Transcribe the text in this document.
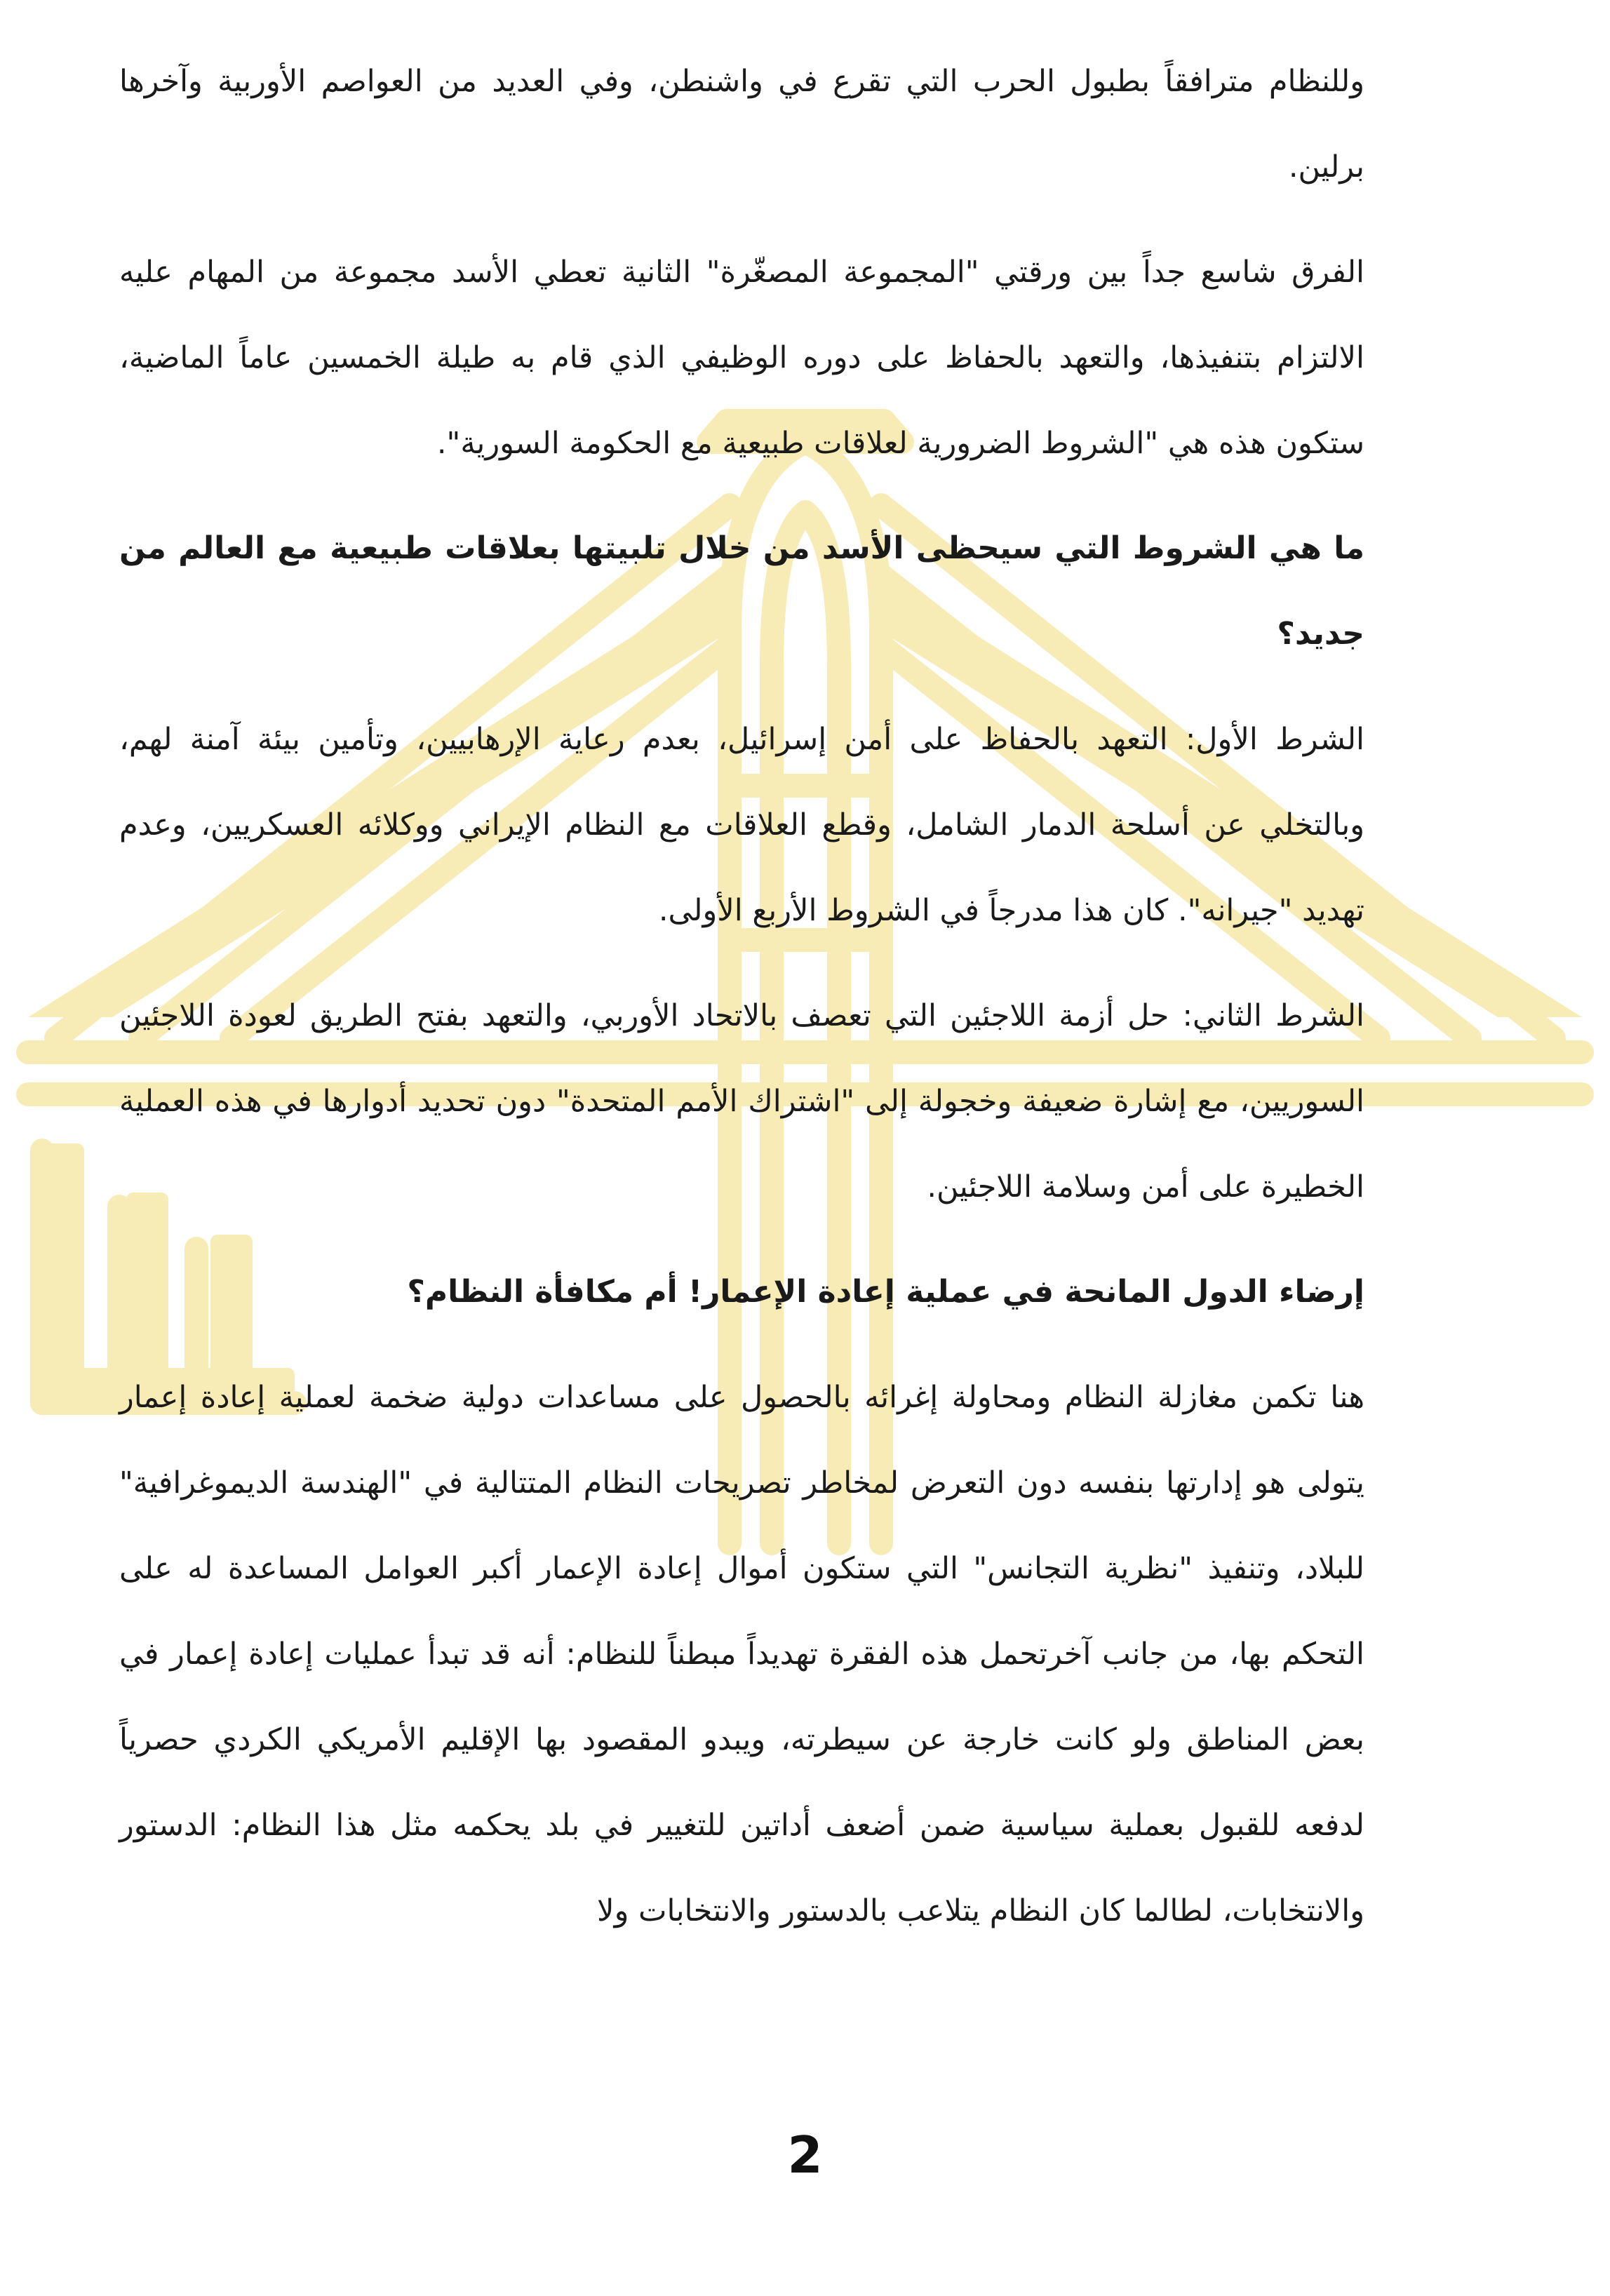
وللنظام مترافقاً بطبول الحرب التي تقرع في واشنطن، وفي العديد من العواصم الأوربية وآخرها برلين.

الفرق شاسع جداً بين ورقتي "المجموعة المصغّرة" الثانية تعطي الأسد مجموعة من المهام عليه الالتزام بتنفيذها، والتعهد بالحفاظ على دوره الوظيفي الذي قام به طيلة الخمسين عاماً الماضية، ستكون هذه هي "الشروط الضرورية لعلاقات طبيعية مع الحكومة السورية".

ما هي الشروط التي سيحظى الأسد من خلال تلبيتها بعلاقات طبيعية مع العالم من جديد؟

الشرط الأول: التعهد بالحفاظ على أمن إسرائيل، بعدم رعاية الإرهابيين، وتأمين بيئة آمنة لهم، وبالتخلي عن أسلحة الدمار الشامل، وقطع العلاقات مع النظام الإيراني ووكلائه العسكريين، وعدم تهديد "جيرانه". كان هذا مدرجاً في الشروط الأربع الأولى.

الشرط الثاني: حل أزمة اللاجئين التي تعصف بالاتحاد الأوربي، والتعهد بفتح الطريق لعودة اللاجئين السوريين، مع إشارة ضعيفة وخجولة إلى "اشتراك الأمم المتحدة" دون تحديد أدوارها في هذه العملية الخطيرة على أمن وسلامة اللاجئين.

إرضاء الدول المانحة في عملية إعادة الإعمار! أم مكافأة النظام؟

هنا تكمن مغازلة النظام ومحاولة إغرائه بالحصول على مساعدات دولية ضخمة لعملية إعادة إعمار يتولى هو إدارتها بنفسه دون التعرض لمخاطر تصريحات النظام المتتالية في "الهندسة الديموغرافية" للبلاد، وتنفيذ "نظرية التجانس" التي ستكون أموال إعادة الإعمار أكبر العوامل المساعدة له على التحكم بها، من جانب آخرتحمل هذه الفقرة تهديداً مبطناً للنظام: أنه قد تبدأ عمليات إعادة إعمار في بعض المناطق ولو كانت خارجة عن سيطرته، ويبدو المقصود بها الإقليم الأمريكي الكردي حصرياً لدفعه للقبول بعملية سياسية ضمن أضعف أداتين للتغيير في بلد يحكمه مثل هذا النظام: الدستور والانتخابات، لطالما كان النظام يتلاعب بالدستور والانتخابات ولا

2
